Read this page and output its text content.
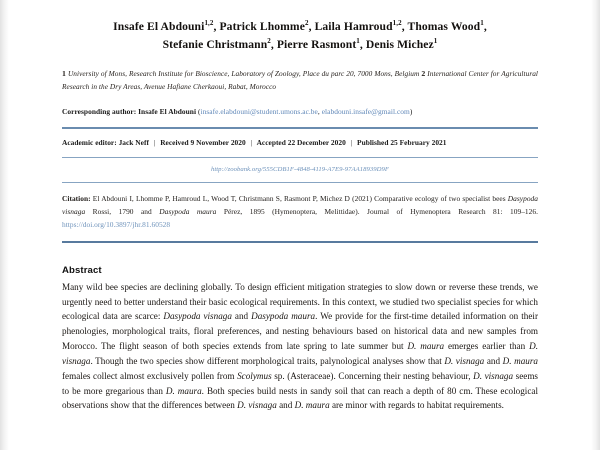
Insafe El Abdouni$^{1,2}$, Patrick Lhomme$^2$, Laila Hamroud$^{1,2}$, Thomas Wood$^1$,
Stefanie Christmann$^2$, Pierre Rasmont$^1$, Denis Michez$^1$
1 University of Mons, Research Institute for Bioscience, Laboratory of Zoology, Place du parc 20, 7000 Mons, Belgium 2 International Center for Agricultural Research in the Dry Areas, Avenue Hafiane Cherkaoui, Rabat, Morocco
Corresponding author: Insafe El Abdouni (insafe.elabdouni@student.umons.ac.be, elabdouni.insafe@gmail.com)
Academic editor: Jack Neff | Received 9 November 2020 | Accepted 22 December 2020 | Published 25 February 2021
http://zoobank.org/555CDB1F-4848-4119-A7E9-97AA18939D9F
Citation: El Abdouni I, Lhomme P, Hamroud L, Wood T, Christmann S, Rasmont P, Michez D (2021) Comparative ecology of two specialist bees Dasypoda visnaga Rossi, 1790 and Dasypoda maura Pérez, 1895 (Hymenoptera, Melittidae). Journal of Hymenoptera Research 81: 109–126. https://doi.org/10.3897/jhr.81.60528
Abstract
Many wild bee species are declining globally. To design efficient mitigation strategies to slow down or reverse these trends, we urgently need to better understand their basic ecological requirements. In this context, we studied two specialist species for which ecological data are scarce: Dasypoda visnaga and Dasypoda maura. We provide for the first-time detailed information on their phenologies, morphological traits, floral preferences, and nesting behaviours based on historical data and new samples from Morocco. The flight season of both species extends from late spring to late summer but D. maura emerges earlier than D. visnaga. Though the two species show different morphological traits, palynological analyses show that D. visnaga and D. maura females collect almost exclusively pollen from Scolymus sp. (Asteraceae). Concerning their nesting behaviour, D. visnaga seems to be more gregarious than D. maura. Both species build nests in sandy soil that can reach a depth of 80 cm. These ecological observations show that the differences between D. visnaga and D. maura are minor with regards to habitat requirements.
